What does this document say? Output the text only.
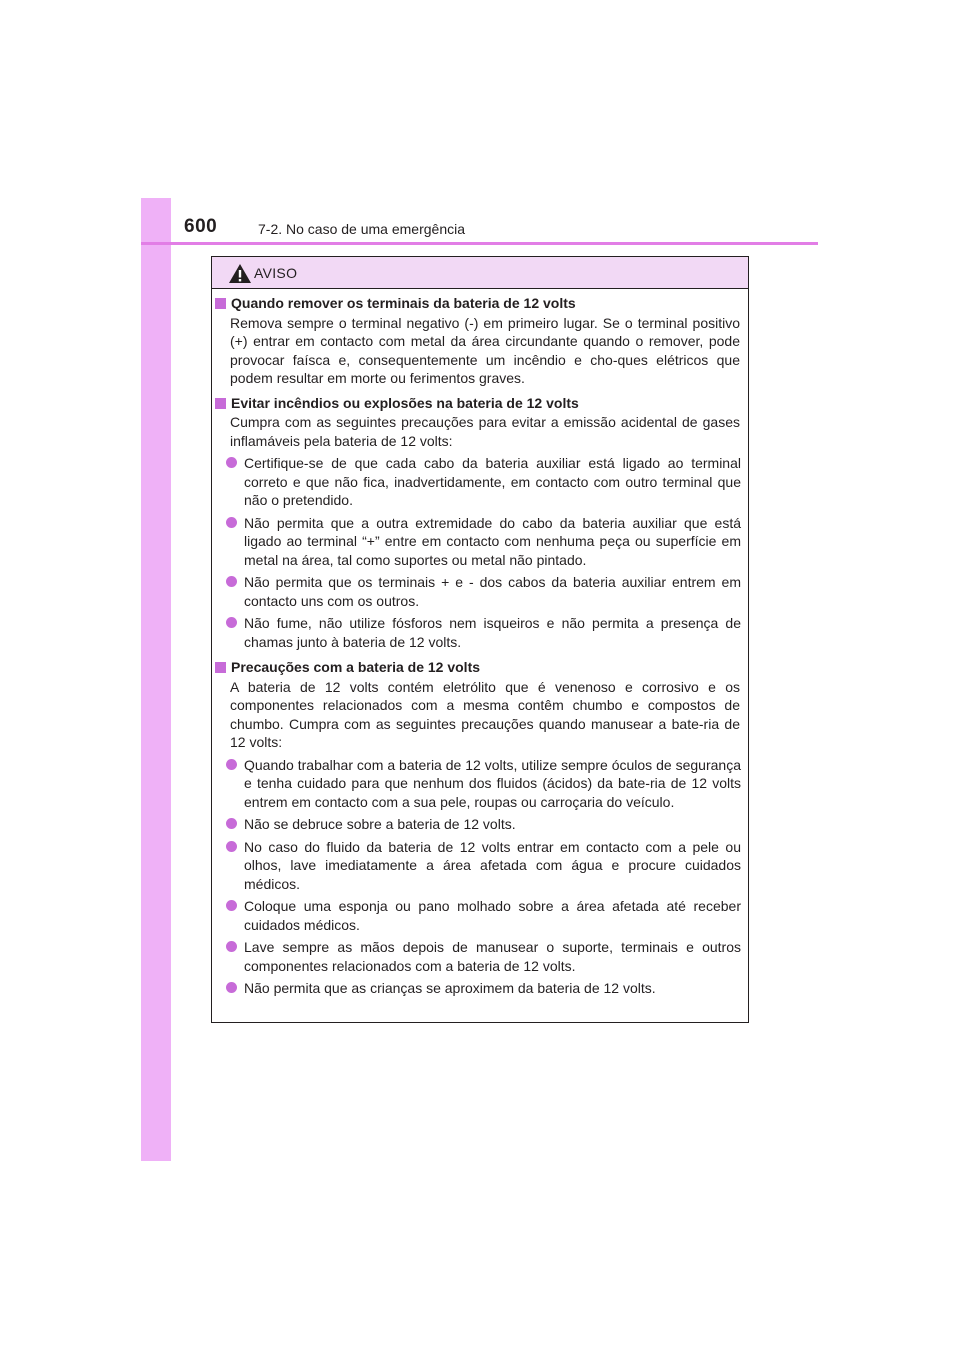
600	7-2. No caso de uma emergência
AVISO
Quando remover os terminais da bateria de 12 volts
Remova sempre o terminal negativo (-) em primeiro lugar. Se o terminal positivo (+) entrar em contacto com metal da área circundante quando o remover, pode provocar faísca e, consequentemente um incêndio e cho-ques elétricos que podem resultar em morte ou ferimentos graves.
Evitar incêndios ou explosões na bateria de 12 volts
Cumpra com as seguintes precauções para evitar a emissão acidental de gases inflamáveis pela bateria de 12 volts:
Certifique-se de que cada cabo da bateria auxiliar está ligado ao terminal correto e que não fica, inadvertidamente, em contacto com outro terminal que não o pretendido.
Não permita que a outra extremidade do cabo da bateria auxiliar que está ligado ao terminal “+” entre em contacto com nenhuma peça ou superfície em metal na área, tal como suportes ou metal não pintado.
Não permita que os terminais + e - dos cabos da bateria auxiliar entrem em contacto uns com os outros.
Não fume, não utilize fósforos nem isqueiros e não permita a presença de chamas junto à bateria de 12 volts.
Precauções com a bateria de 12 volts
A bateria de 12 volts contém eletrólito que é venenoso e corrosivo e os componentes relacionados com a mesma contêm chumbo e compostos de chumbo. Cumpra com as seguintes precauções quando manusear a bate-ria de 12 volts:
Quando trabalhar com a bateria de 12 volts, utilize sempre óculos de segurança e tenha cuidado para que nenhum dos fluidos (ácidos) da bate-ria de 12 volts entrem em contacto com a sua pele, roupas ou carroçaria do veículo.
Não se debruce sobre a bateria de 12 volts.
No caso do fluido da bateria de 12 volts entrar em contacto com a pele ou olhos, lave imediatamente a área afetada com água e procure cuidados médicos.
Coloque uma esponja ou pano molhado sobre a área afetada até receber cuidados médicos.
Lave sempre as mãos depois de manusear o suporte, terminais e outros componentes relacionados com a bateria de 12 volts.
Não permita que as crianças se aproximem da bateria de 12 volts.
